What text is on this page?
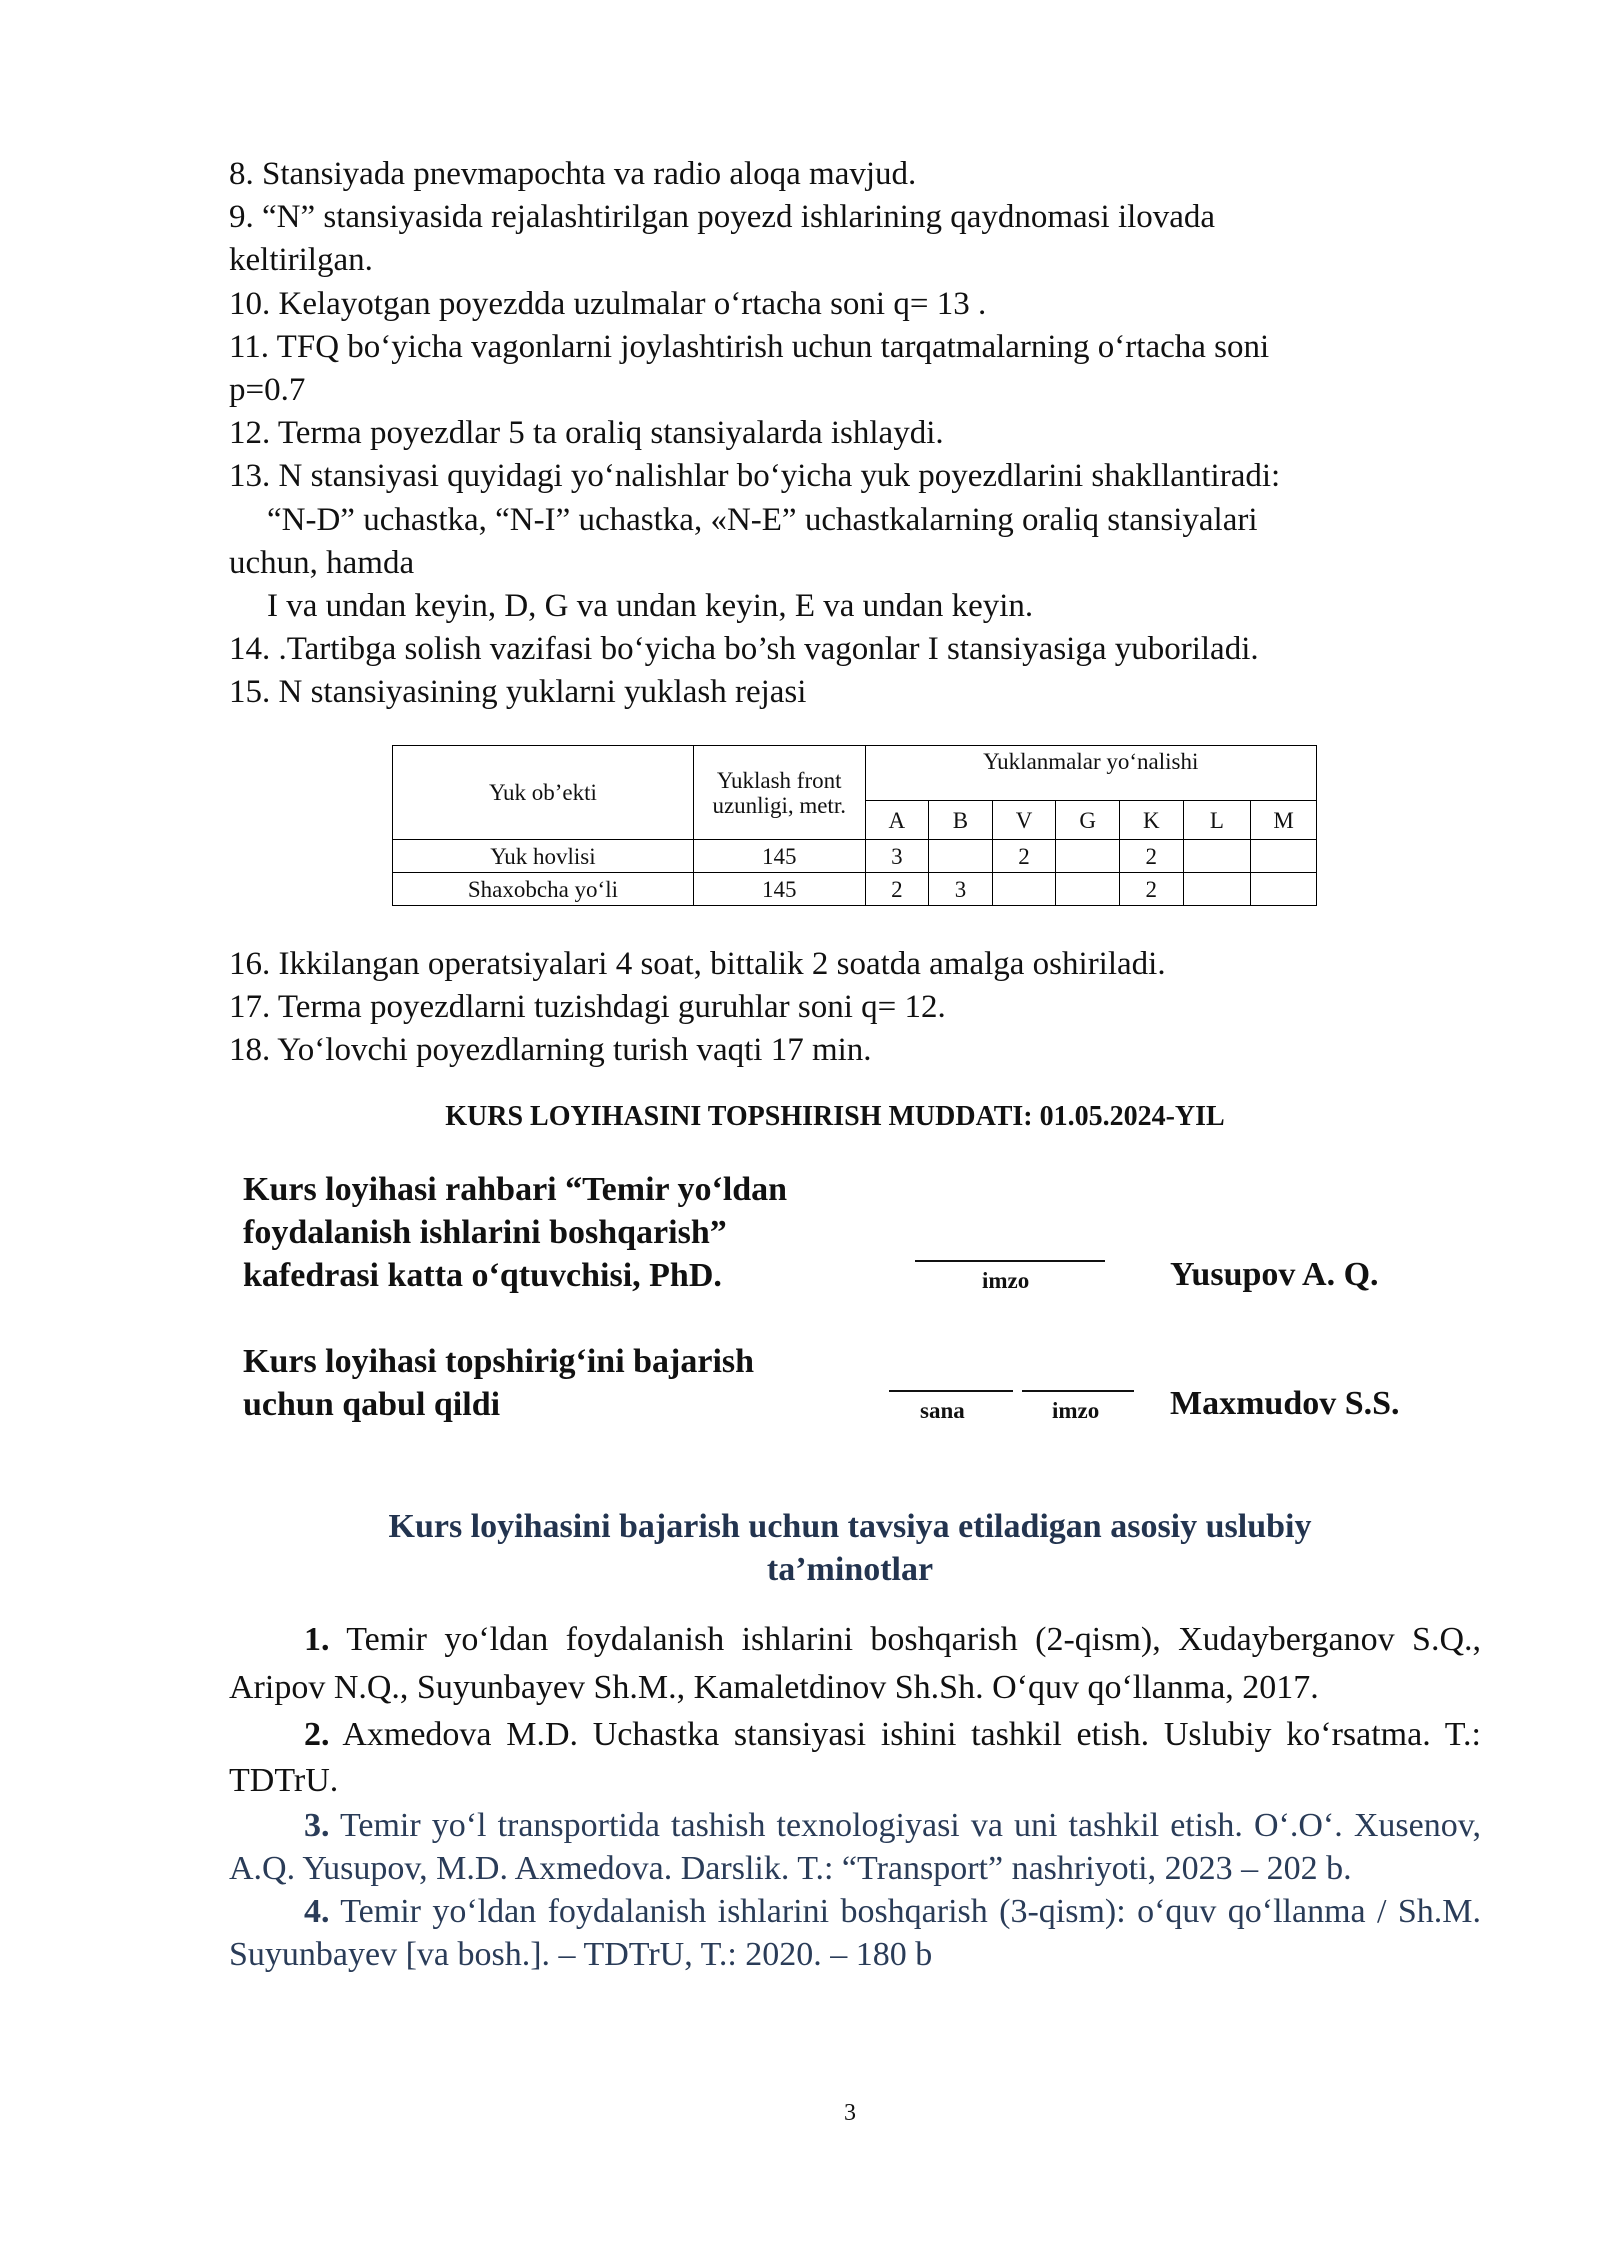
8. Stansiyada pnevmapochta va radio aloqa mavjud.

9. “N” stansiyasida rejalashtirilgan poyezd ishlarining qaydnomasi ilovada

keltirilgan.

10. Kelayotgan poyezdda uzulmalar o‘rtacha soni q= 13 .

11. TFQ bo‘yicha vagonlarni joylashtirish uchun tarqatmalarning o‘rtacha soni

p=0.7

12. Terma poyezdlar 5 ta oraliq stansiyalarda ishlaydi.

13. N stansiyasi quyidagi yo‘nalishlar bo‘yicha yuk poyezdlarini shakllantiradi:

“N-D” uchastka, “N-I” uchastka, «N-E” uchastkalarning oraliq stansiyalari

uchun, hamda

I va undan keyin, D, G va undan keyin, E va undan keyin.

14. .Tartibga solish vazifasi bo‘yicha bo’sh vagonlar I stansiyasiga yuboriladi.

15. N stansiyasining yuklarni yuklash rejasi

Yuk ob’ekti	Yuklash front uzunligi, metr.	Yuklanmalar yo‘nalishi						
		A	B	V	G	K	L	M
Yuk hovlisi	145	3		2		2		
Shaxobcha yo‘li	145	2	3			2		

16. Ikkilangan operatsiyalari 4 soat, bittalik 2 soatda amalga oshiriladi.

17. Terma poyezdlarni tuzishdagi guruhlar soni q= 12.

18. Yo‘lovchi poyezdlarning turish vaqti 17 min.

KURS LOYIHASINI TOPSHIRISH MUDDATI: 01.05.2024-YIL

Kurs loyihasi rahbari “Temir yo‘ldan

foydalanish ishlarini boshqarish”

kafedrasi katta o‘qtuvchisi, PhD.	imzo	Yusupov A. Q.

Kurs loyihasi topshirig‘ini bajarish

uchun qabul qildi	sana	imzo Maxmudov S.S.
Kurs loyihasini bajarish uchun tavsiya etiladigan asosiy uslubiy
ta’minotlar

1. Temir yo‘ldan foydalanish ishlarini boshqarish (2-qism), Xudayberganov S.Q., Aripov N.Q., Suyunbayev Sh.M., Kamaletdinov Sh.Sh. O‘quv qo‘llanma, 2017.

2. Axmedova M.D. Uchastka stansiyasi ishini tashkil etish. Uslubiy ko‘rsatma. T.: TDTrU.

3. Temir yo‘l transportida tashish texnologiyasi va uni tashkil etish. O‘.O‘. Xusenov, A.Q. Yusupov, M.D. Axmedova. Darslik. T.: “Transport” nashriyoti, 2023 – 202 b.

4. Temir yo‘ldan foydalanish ishlarini boshqarish (3-qism): o‘quv qo‘llanma / Sh.M. Suyunbayev [va bosh.]. – TDTrU, T.: 2020. – 180 b

3
